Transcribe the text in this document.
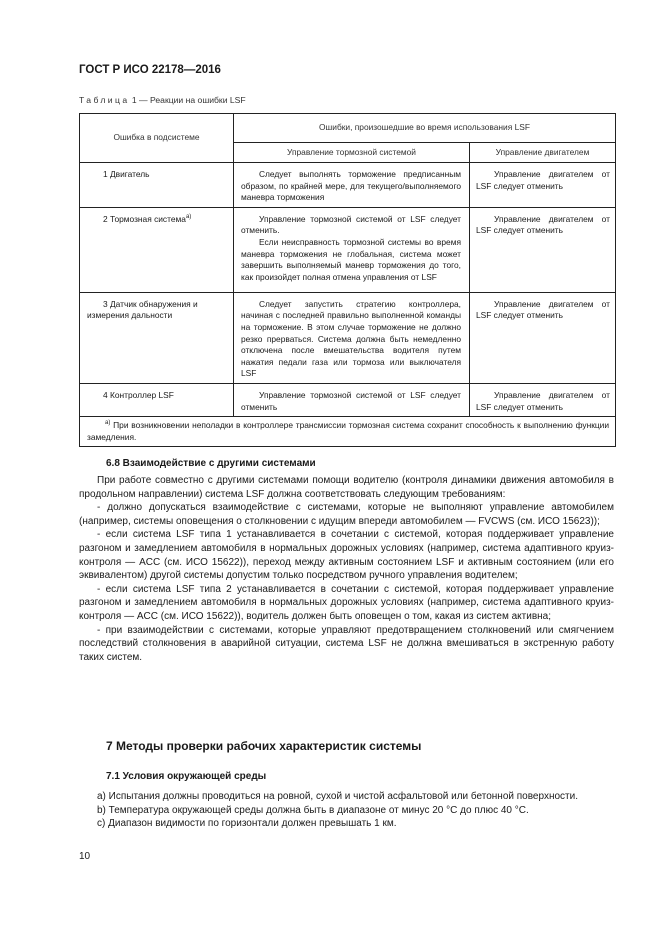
ГОСТ Р ИСО 22178—2016
Таблица 1 — Реакции на ошибки LSF
Ошибка в подсистеме	Ошибки, произошедшие во время использования LSF	
	Управление тормозной системой	Управление двигателем

1 Двигатель	Следует выполнять торможение предписанным образом, по крайней мере, для текущего/выполняемого маневра торможения	Управление двигателем от LSF следует отменить

2 Тормозная система$^{а)}$	Управление тормозной системой от LSF следует отменить.
Если неисправность тормозной системы во время маневра торможения не глобальная, система может завершить выполняемый маневр торможения до того, как произойдет полная отмена управления от LSF	Управление двигателем от LSF следует отменить

3 Датчик обнаружения и измерения дальности	Следует запустить стратегию контроллера, начиная с последней правильно выполненной команды на торможение. В этом случае торможение не должно резко прерваться. Система должна быть немедленно отключена после вмешательства водителя путем нажатия педали газа или тормоза или выключателя LSF	Управление двигателем от LSF следует отменить

4 Контроллер LSF	Управление тормозной системой от LSF следует отменить	Управление двигателем от LSF следует отменить

$^{а)}$ При возникновении неполадки в контроллере трансмиссии тормозная система сохранит способность к выполнению функции замедления.		
6.8 Взаимодействие с другими системами

При работе совместно с другими системами помощи водителю (контроля динамики движения автомобиля в продольном направлении) система LSF должна соответствовать следующим требованиям:

- должно допускаться взаимодействие с системами, которые не выполняют управление автомобилем (например, системы оповещения о столкновении с идущим впереди автомобилем — FVCWS (см. ИСО 15623));

- если система LSF типа 1 устанавливается в сочетании с системой, которая поддерживает управление разгоном и замедлением автомобиля в нормальных дорожных условиях (например, система адаптивного круиз-контроля — ACC (см. ИСО 15622)), переход между активным состоянием LSF и активным состоянием (или его эквивалентом) другой системы допустим только посредством ручного управления водителем;

- если система LSF типа 2 устанавливается в сочетании с системой, которая поддерживает управление разгоном и замедлением автомобиля в нормальных дорожных условиях (например, система адаптивного круиз-контроля — ACC (см. ИСО 15622)), водитель должен быть оповещен о том, какая из систем активна;

- при взаимодействии с системами, которые управляют предотвращением столкновений или смягчением последствий столкновения в аварийной ситуации, система LSF не должна вмешиваться в экстренную работу таких систем.

7 Методы проверки рабочих характеристик системы
7.1 Условия окружающей среды

а) Испытания должны проводиться на ровной, сухой и чистой асфальтовой или бетонной поверхности.

b) Температура окружающей среды должна быть в диапазоне от минус 20 °С до плюс 40 °С.

c) Диапазон видимости по горизонтали должен превышать 1 км.

10
